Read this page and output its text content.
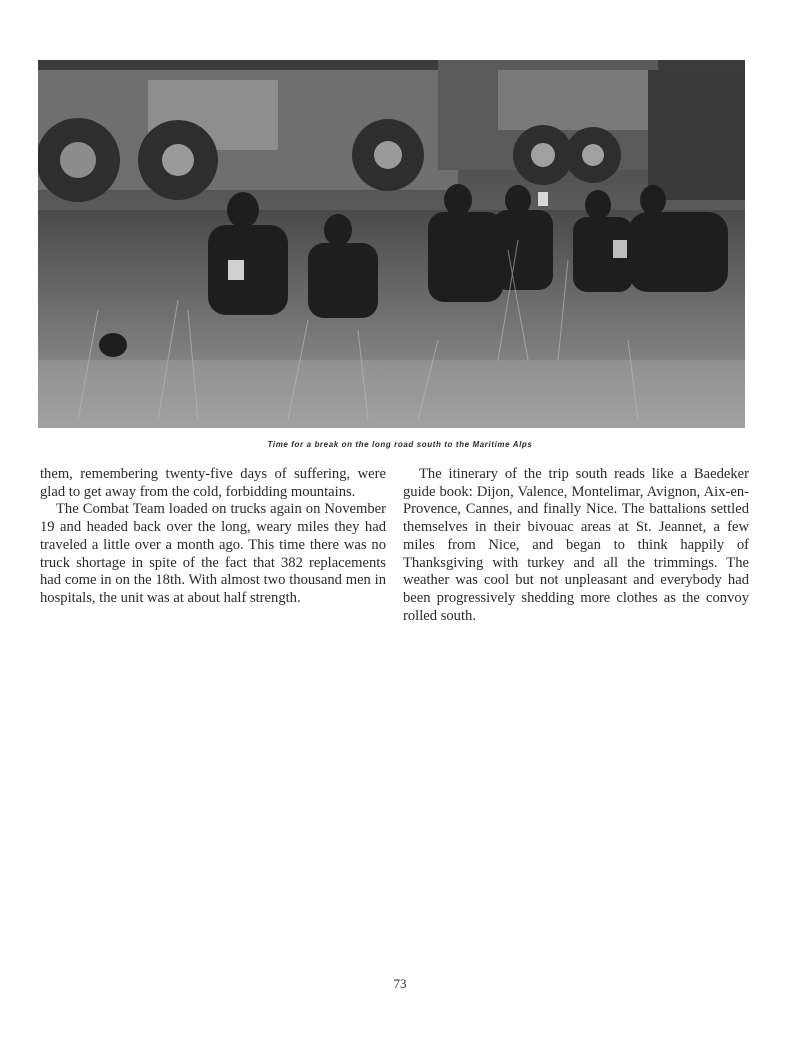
Time for a break on the long road south to the Maritime Alps

them, remembering twenty-five days of suffering, were glad to get away from the cold, forbidding mountains.

The Combat Team loaded on trucks again on November 19 and headed back over the long, weary miles they had traveled a little over a month ago. This time there was no truck shortage in spite of the fact that 382 replacements had come in on the 18th. With almost two thousand men in hospitals, the unit was at about half strength.

The itinerary of the trip south reads like a Baedeker guide book: Dijon, Valence, Montelimar, Avignon, Aix-en-Provence, Cannes, and finally Nice. The battalions settled themselves in their bivouac areas at St. Jeannet, a few miles from Nice, and began to think happily of Thanksgiving with turkey and all the trimmings. The weather was cool but not unpleasant and everybody had been progressively shedding more clothes as the convoy rolled south.

73
